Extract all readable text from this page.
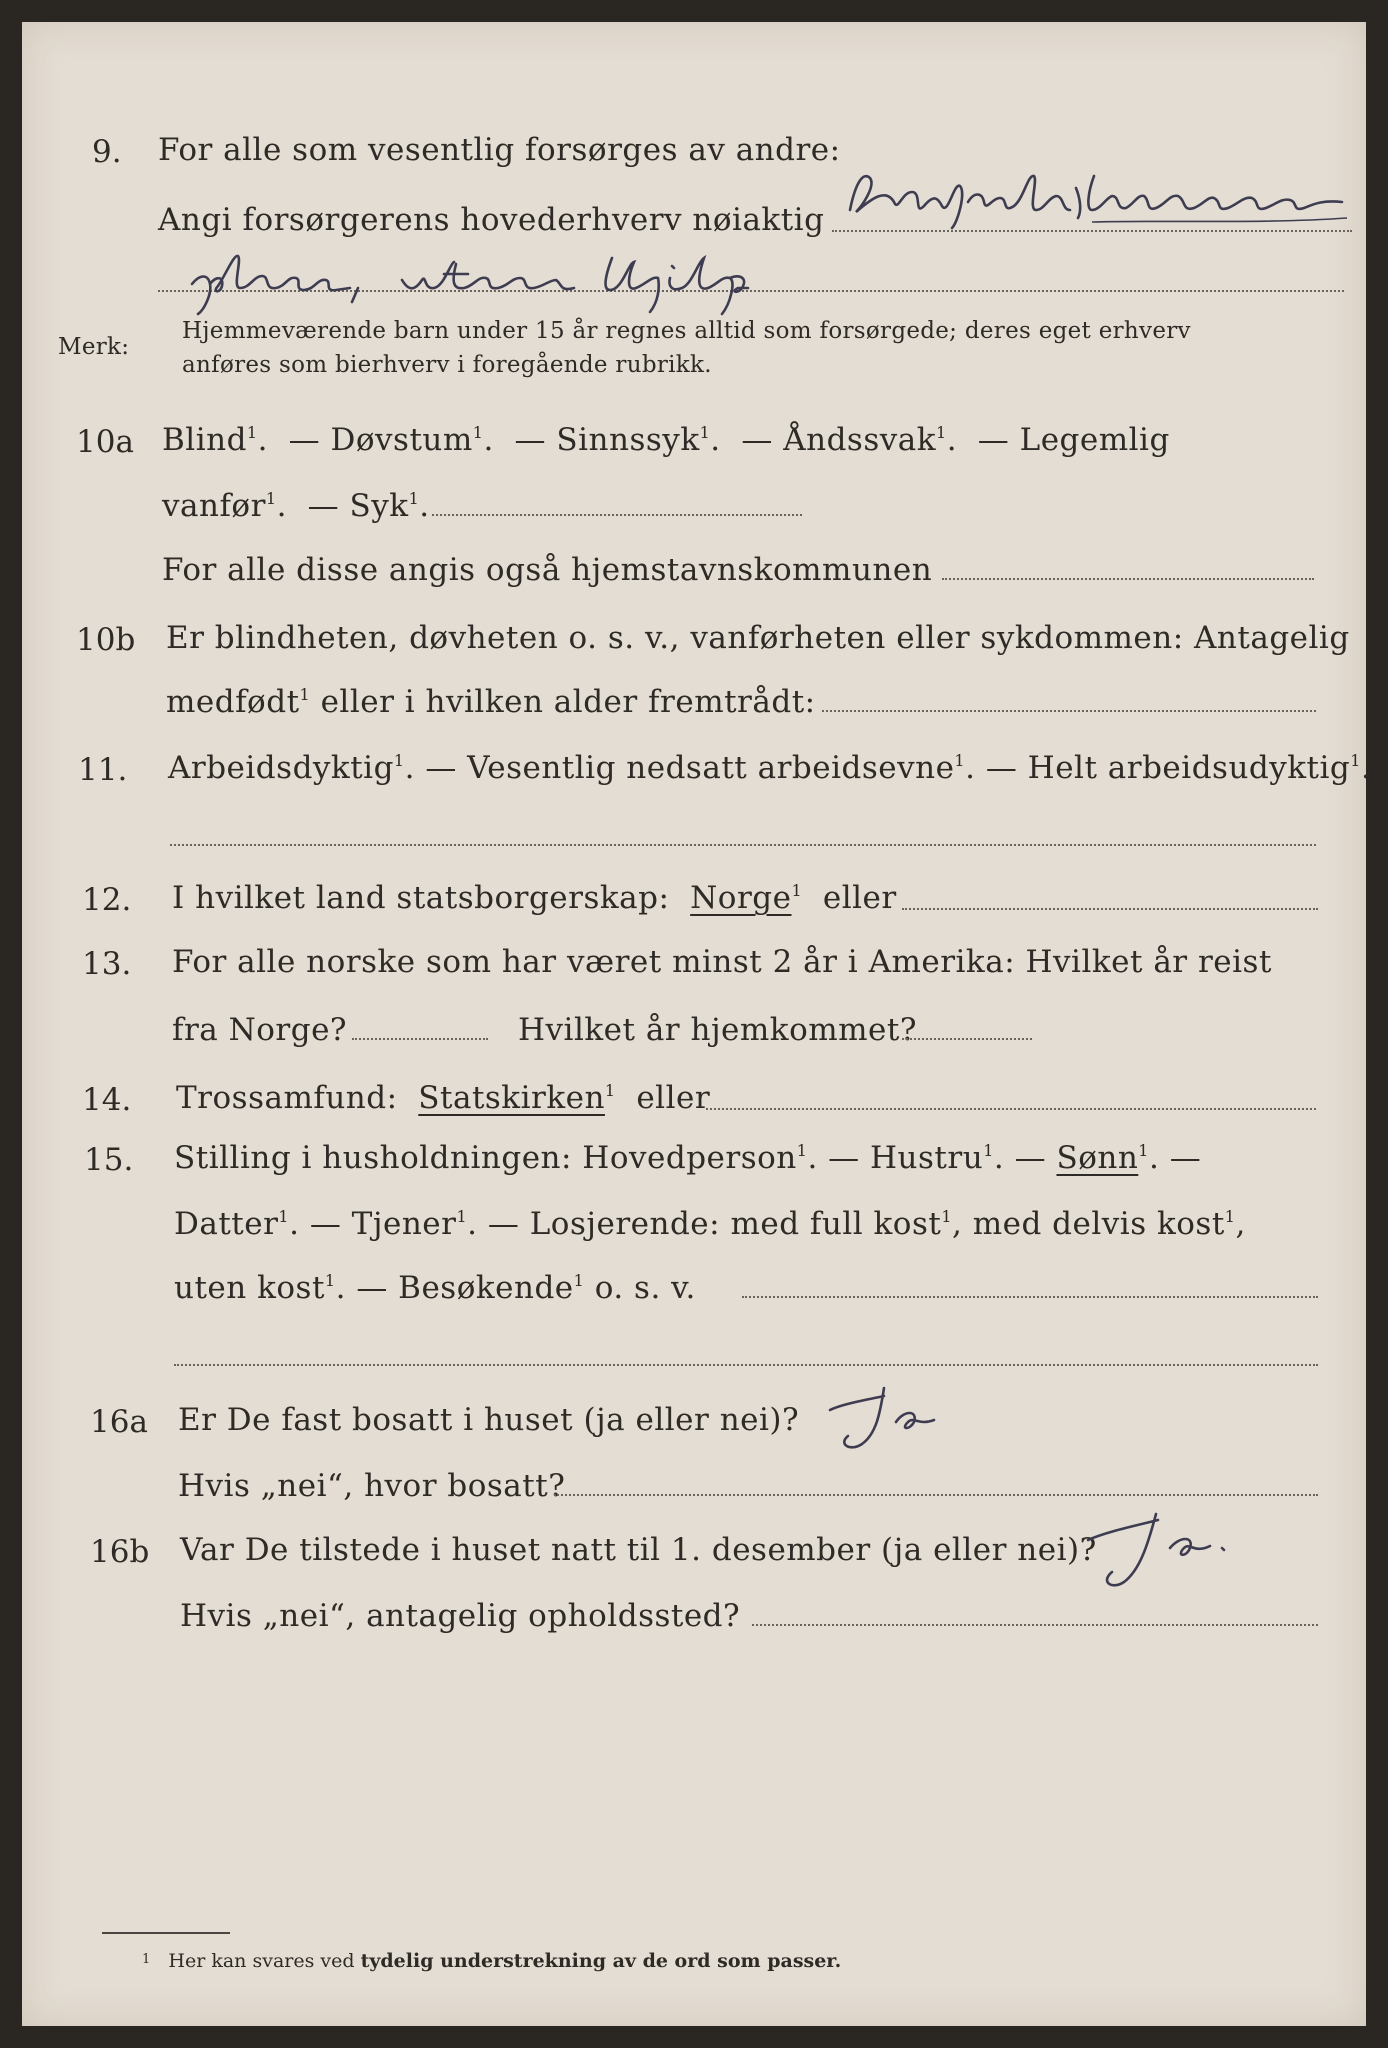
9. For alle som vesentlig forsørges av andre:
Angi forsørgerens hovederhverv nøiaktig
Merk:
Hjemmeværende barn under 15 år regnes alltid som forsørgede; deres eget erhverv
anføres som bierhverv i foregående rubrikk.
10a Blind$^1$.  — Døvstum$^1$.  — Sinnssyk$^1$.  — Åndssvak$^1$.  — Legemlig
vanfør$^1$.  — Syk$^1$.
For alle disse angis også hjemstavnskommunen
10b Er blindheten, døvheten o. s. v., vanførheten eller sykdommen: Antagelig
medfødt$^1$ eller i hvilken alder fremtrådt:
11. Arbeidsdyktig$^1$. — Vesentlig nedsatt arbeidsevne$^1$. — Helt arbeidsudyktig$^1$.
12. I hvilket land statsborgerskap: Norge$^1$ eller
13. For alle norske som har været minst 2 år i Amerika: Hvilket år reist
fra Norge?	Hvilket år hjemkommet?
14. Trossamfund: Statskirken$^1$ eller
15. Stilling i husholdningen: Hovedperson$^1$. — Hustru$^1$. — Sønn$^1$. —
Datter$^1$. — Tjener$^1$. — Losjerende: med full kost$^1$, med delvis kost$^1$,
uten kost$^1$. — Besøkende$^1$ o. s. v.
16a Er De fast bosatt i huset (ja eller nei)?
Hvis „nei“, hvor bosatt?
16b Var De tilstede i huset natt til 1. desember (ja eller nei)?
Hvis „nei“, antagelig opholdssted?
$^1$ Her kan svares ved tydelig understrekning av de ord som passer.
